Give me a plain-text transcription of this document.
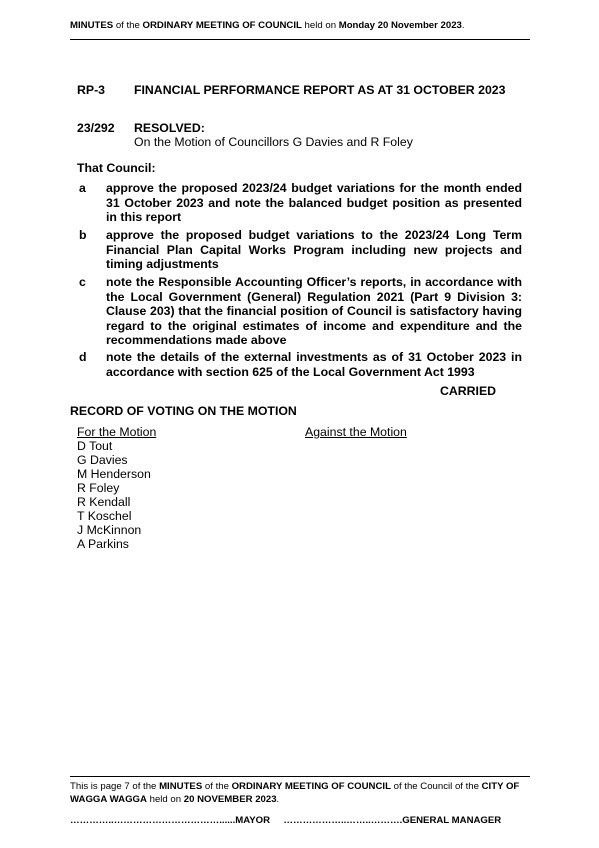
MINUTES of the ORDINARY MEETING OF COUNCIL held on Monday 20 November 2023.
RP-3 FINANCIAL PERFORMANCE REPORT AS AT 31 OCTOBER 2023
23/292 RESOLVED:
On the Motion of Councillors G Davies and R Foley
That Council:
a approve the proposed 2023/24 budget variations for the month ended 31 October 2023 and note the balanced budget position as presented in this report
b approve the proposed budget variations to the 2023/24 Long Term Financial Plan Capital Works Program including new projects and timing adjustments
c note the Responsible Accounting Officer’s reports, in accordance with the Local Government (General) Regulation 2021 (Part 9 Division 3: Clause 203) that the financial position of Council is satisfactory having regard to the original estimates of income and expenditure and the recommendations made above
d note the details of the external investments as of 31 October 2023 in accordance with section 625 of the Local Government Act 1993
CARRIED
RECORD OF VOTING ON THE MOTION
For the Motion	Against the Motion
D Tout
G Davies
M Henderson
R Foley
R Kendall
T Koschel
J McKinnon
A Parkins
This is page 7 of the MINUTES of the ORDINARY MEETING OF COUNCIL of the Council of the CITY OF WAGGA WAGGA held on 20 NOVEMBER 2023.
…………..……………………………......MAYOR ………………..……..……….GENERAL MANAGER
